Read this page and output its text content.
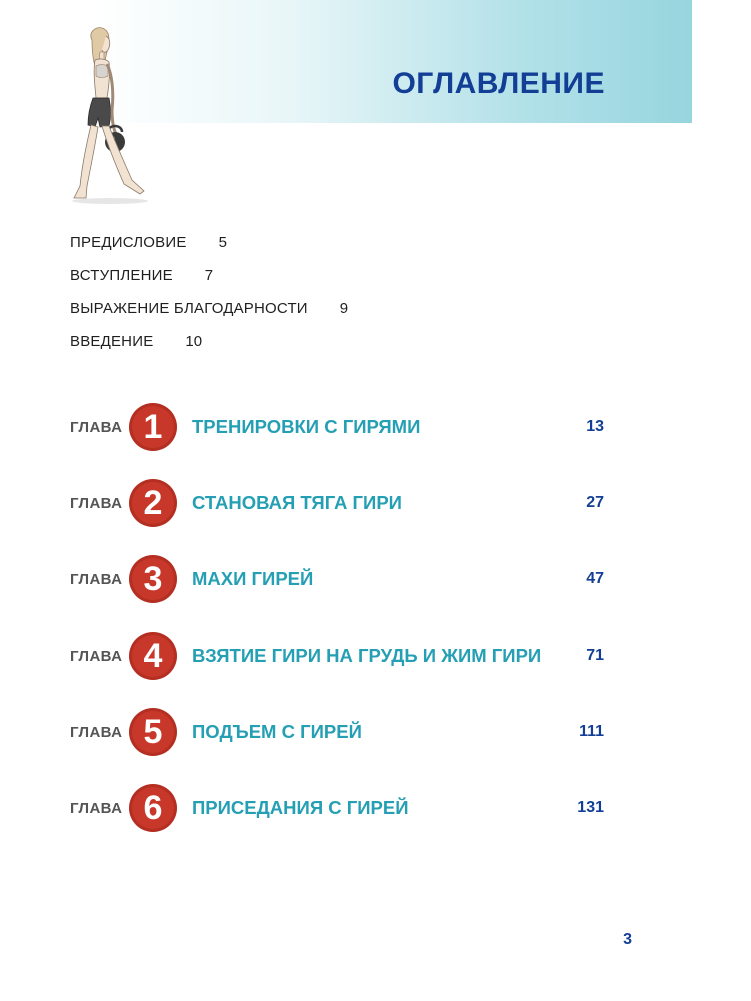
ОГЛАВЛЕНИЕ
ПРЕДИСЛОВИЕ 5
ВСТУПЛЕНИЕ 7
ВЫРАЖЕНИЕ БЛАГОДАРНОСТИ 9
ВВЕДЕНИЕ 10
ГЛАВА 1	ТРЕНИРОВКИ С ГИРЯМИ	13
ГЛАВА 2	СТАНОВАЯ ТЯГА ГИРИ	27
ГЛАВА 3	МАХИ ГИРЕЙ	47
ГЛАВА 4	ВЗЯТИЕ ГИРИ НА ГРУДЬ И ЖИМ ГИРИ	71
ГЛАВА 5	ПОДЪЕМ С ГИРЕЙ	111
ГЛАВА 6	ПРИСЕДАНИЯ С ГИРЕЙ	131
3
